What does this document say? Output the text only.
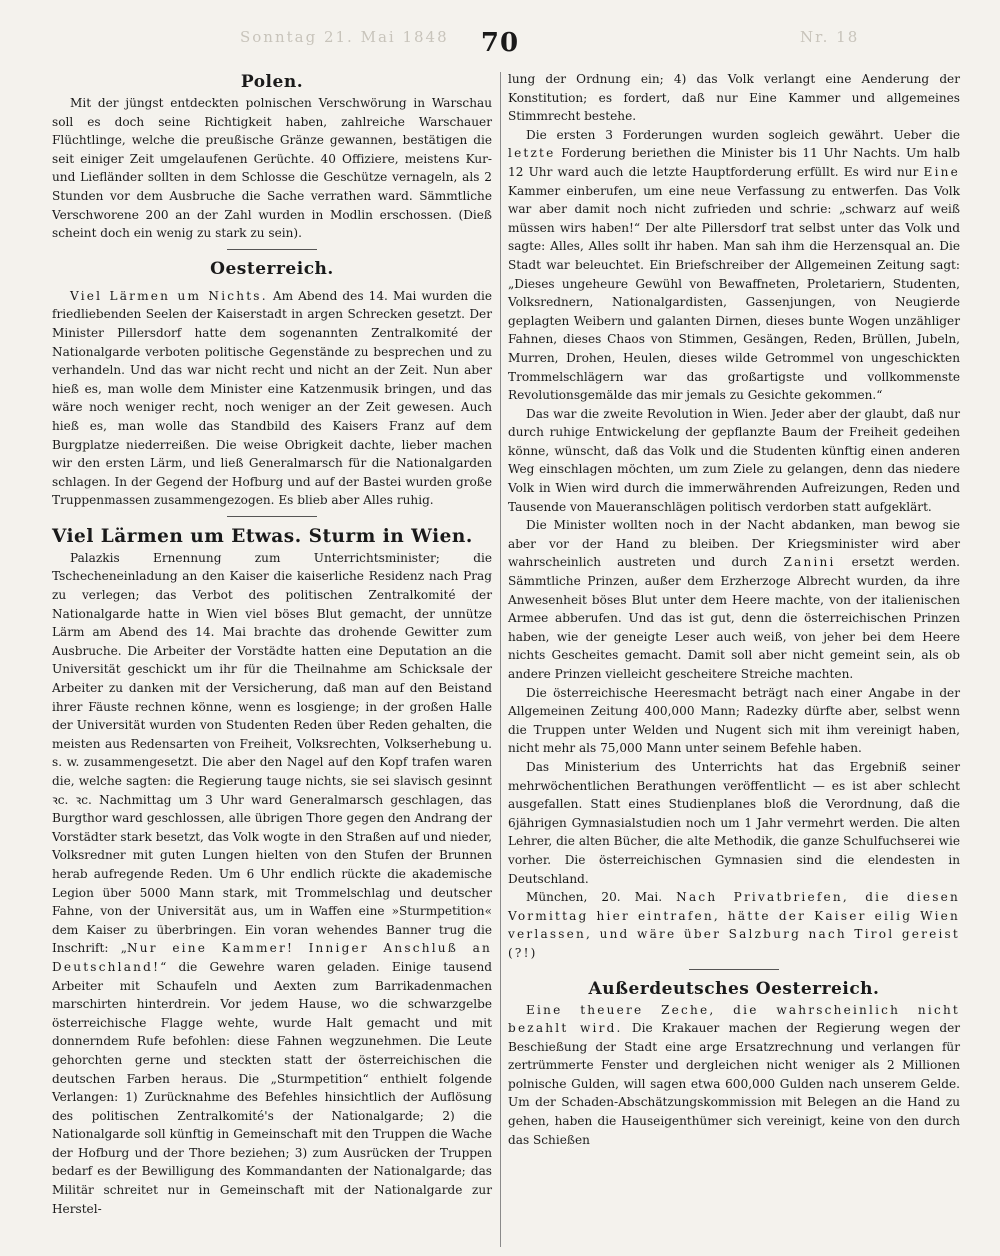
Sonntag 21. Mai 1848	Nr. 18
70
Polen.

Mit der jüngst entdeckten polnischen Verschwörung in Warschau soll es doch seine Richtigkeit haben, zahlreiche Warschauer Flüchtlinge, welche die preußische Gränze gewannen, bestätigen die seit einiger Zeit umgelaufenen Gerüchte. 40 Offiziere, meistens Kur- und Liefländer sollten in dem Schlosse die Geschütze vernageln, als 2 Stunden vor dem Ausbruche die Sache verrathen ward. Sämmtliche Verschworene 200 an der Zahl wurden in Modlin erschossen. (Dieß scheint doch ein wenig zu stark zu sein).

Oesterreich.

Viel Lärmen um Nichts. Am Abend des 14. Mai wurden die friedliebenden Seelen der Kaiserstadt in argen Schrecken gesetzt. Der Minister Pillersdorf hatte dem sogenannten Zentralkomité der Nationalgarde verboten politische Gegenstände zu besprechen und zu verhandeln. Und das war nicht recht und nicht an der Zeit. Nun aber hieß es, man wolle dem Minister eine Katzenmusik bringen, und das wäre noch weniger recht, noch weniger an der Zeit gewesen. Auch hieß es, man wolle das Standbild des Kaisers Franz auf dem Burgplatze niederreißen. Die weise Obrigkeit dachte, lieber machen wir den ersten Lärm, und ließ Generalmarsch für die Nationalgarden schlagen. In der Gegend der Hofburg und auf der Bastei wurden große Truppenmassen zusammengezogen. Es blieb aber Alles ruhig.

Viel Lärmen um Etwas. Sturm in Wien.

Palazkis Ernennung zum Unterrichtsminister; die Tschecheneinladung an den Kaiser die kaiserliche Residenz nach Prag zu verlegen; das Verbot des politischen Zentralkomité der Nationalgarde hatte in Wien viel böses Blut gemacht, der unnütze Lärm am Abend des 14. Mai brachte das drohende Gewitter zum Ausbruche. Die Arbeiter der Vorstädte hatten eine Deputation an die Universität geschickt um ihr für die Theilnahme am Schicksale der Arbeiter zu danken mit der Versicherung, daß man auf den Beistand ihrer Fäuste rechnen könne, wenn es losgienge; in der großen Halle der Universität wurden von Studenten Reden über Reden gehalten, die meisten aus Redensarten von Freiheit, Volksrechten, Volkserhebung u. s. w. zusammengesetzt. Die aber den Nagel auf den Kopf trafen waren die, welche sagten: die Regierung tauge nichts, sie sei slavisch gesinnt ꝛc. ꝛc. Nachmittag um 3 Uhr ward Generalmarsch geschlagen, das Burgthor ward geschlossen, alle übrigen Thore gegen den Andrang der Vorstädter stark besetzt, das Volk wogte in den Straßen auf und nieder, Volksredner mit guten Lungen hielten von den Stufen der Brunnen herab aufregende Reden. Um 6 Uhr endlich rückte die akademische Legion über 5000 Mann stark, mit Trommelschlag und deutscher Fahne, von der Universität aus, um in Waffen eine »Sturmpetition« dem Kaiser zu überbringen. Ein voran wehendes Banner trug die Inschrift: „Nur eine Kammer! Inniger Anschluß an Deutschland!“ die Gewehre waren geladen. Einige tausend Arbeiter mit Schaufeln und Aexten zum Barrikadenmachen marschirten hinterdrein. Vor jedem Hause, wo die schwarzgelbe österreichische Flagge wehte, wurde Halt gemacht und mit donnerndem Rufe befohlen: diese Fahnen wegzunehmen. Die Leute gehorchten gerne und steckten statt der österreichischen die deutschen Farben heraus. Die „Sturmpetition“ enthielt folgende Verlangen: 1) Zurücknahme des Befehles hinsichtlich der Auflösung des politischen Zentralkomité's der Nationalgarde; 2) die Nationalgarde soll künftig in Gemeinschaft mit den Truppen die Wache der Hofburg und der Thore beziehen; 3) zum Ausrücken der Truppen bedarf es der Bewilligung des Kommandanten der Nationalgarde; das Militär schreitet nur in Gemeinschaft mit der Nationalgarde zur Herstel-

lung der Ordnung ein; 4) das Volk verlangt eine Aenderung der Konstitution; es fordert, daß nur Eine Kammer und allgemeines Stimmrecht bestehe.

Die ersten 3 Forderungen wurden sogleich gewährt. Ueber die letzte Forderung beriethen die Minister bis 11 Uhr Nachts. Um halb 12 Uhr ward auch die letzte Hauptforderung erfüllt. Es wird nur Eine Kammer einberufen, um eine neue Verfassung zu entwerfen. Das Volk war aber damit noch nicht zufrieden und schrie: „schwarz auf weiß müssen wirs haben!“ Der alte Pillersdorf trat selbst unter das Volk und sagte: Alles, Alles sollt ihr haben. Man sah ihm die Herzensqual an. Die Stadt war beleuchtet. Ein Briefschreiber der Allgemeinen Zeitung sagt: „Dieses ungeheure Gewühl von Bewaffneten, Proletariern, Studenten, Volksrednern, Nationalgardisten, Gassenjungen, von Neugierde geplagten Weibern und galanten Dirnen, dieses bunte Wogen unzähliger Fahnen, dieses Chaos von Stimmen, Gesängen, Reden, Brüllen, Jubeln, Murren, Drohen, Heulen, dieses wilde Getrommel von ungeschickten Trommelschlägern war das großartigste und vollkommenste Revolutionsgemälde das mir jemals zu Gesichte gekommen.“

Das war die zweite Revolution in Wien. Jeder aber der glaubt, daß nur durch ruhige Entwickelung der gepflanzte Baum der Freiheit gedeihen könne, wünscht, daß das Volk und die Studenten künftig einen anderen Weg einschlagen möchten, um zum Ziele zu gelangen, denn das niedere Volk in Wien wird durch die immerwährenden Aufreizungen, Reden und Tausende von Maueranschlägen politisch verdorben statt aufgeklärt.

Die Minister wollten noch in der Nacht abdanken, man bewog sie aber vor der Hand zu bleiben. Der Kriegsminister wird aber wahrscheinlich austreten und durch Zanini ersetzt werden. Sämmtliche Prinzen, außer dem Erzherzoge Albrecht wurden, da ihre Anwesenheit böses Blut unter dem Heere machte, von der italienischen Armee abberufen. Und das ist gut, denn die österreichischen Prinzen haben, wie der geneigte Leser auch weiß, von jeher bei dem Heere nichts Gescheites gemacht. Damit soll aber nicht gemeint sein, als ob andere Prinzen vielleicht gescheitere Streiche machten.

Die österreichische Heeresmacht beträgt nach einer Angabe in der Allgemeinen Zeitung 400,000 Mann; Radezky dürfte aber, selbst wenn die Truppen unter Welden und Nugent sich mit ihm vereinigt haben, nicht mehr als 75,000 Mann unter seinem Befehle haben.

Das Ministerium des Unterrichts hat das Ergebniß seiner mehrwöchentlichen Berathungen veröffentlicht — es ist aber schlecht ausgefallen. Statt eines Studienplanes bloß die Verordnung, daß die 6jährigen Gymnasialstudien noch um 1 Jahr vermehrt werden. Die alten Lehrer, die alten Bücher, die alte Methodik, die ganze Schulfuchserei wie vorher. Die österreichischen Gymnasien sind die elendesten in Deutschland.

München, 20. Mai. Nach Privatbriefen, die diesen Vormittag hier eintrafen, hätte der Kaiser eilig Wien verlassen, und wäre über Salzburg nach Tirol gereist (?!)

Außerdeutsches Oesterreich.

Eine theuere Zeche, die wahrscheinlich nicht bezahlt wird. Die Krakauer machen der Regierung wegen der Beschießung der Stadt eine arge Ersatzrechnung und verlangen für zertrümmerte Fenster und dergleichen nicht weniger als 2 Millionen polnische Gulden, will sagen etwa 600,000 Gulden nach unserem Gelde. Um der Schaden-Abschätzungskommission mit Belegen an die Hand zu gehen, haben die Hauseigenthümer sich vereinigt, keine von den durch das Schießen
